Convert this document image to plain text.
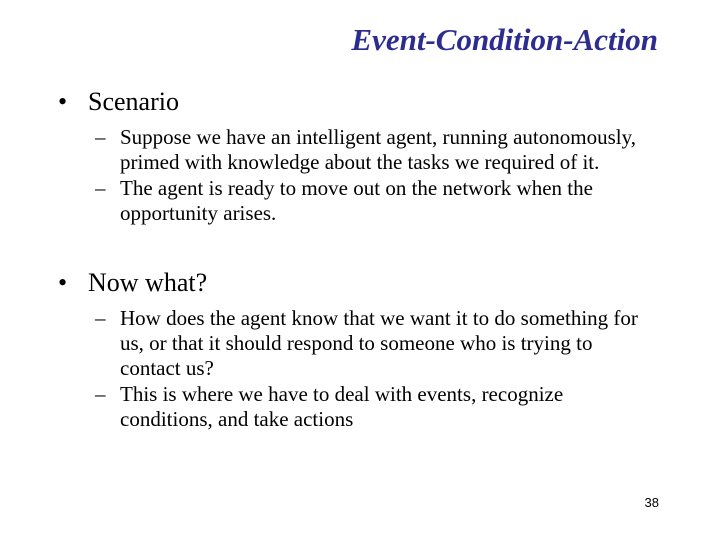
Event-Condition-Action
• Scenario
– Suppose we have an intelligent agent, running autonomously, primed with knowledge about the tasks we required of it.
– The agent is ready to move out on the network when the opportunity arises.
• Now what?
– How does the agent know that we want it to do something for us, or that it should respond to someone who is trying to contact us?
– This is where we have to deal with events, recognize conditions, and take actions
38
